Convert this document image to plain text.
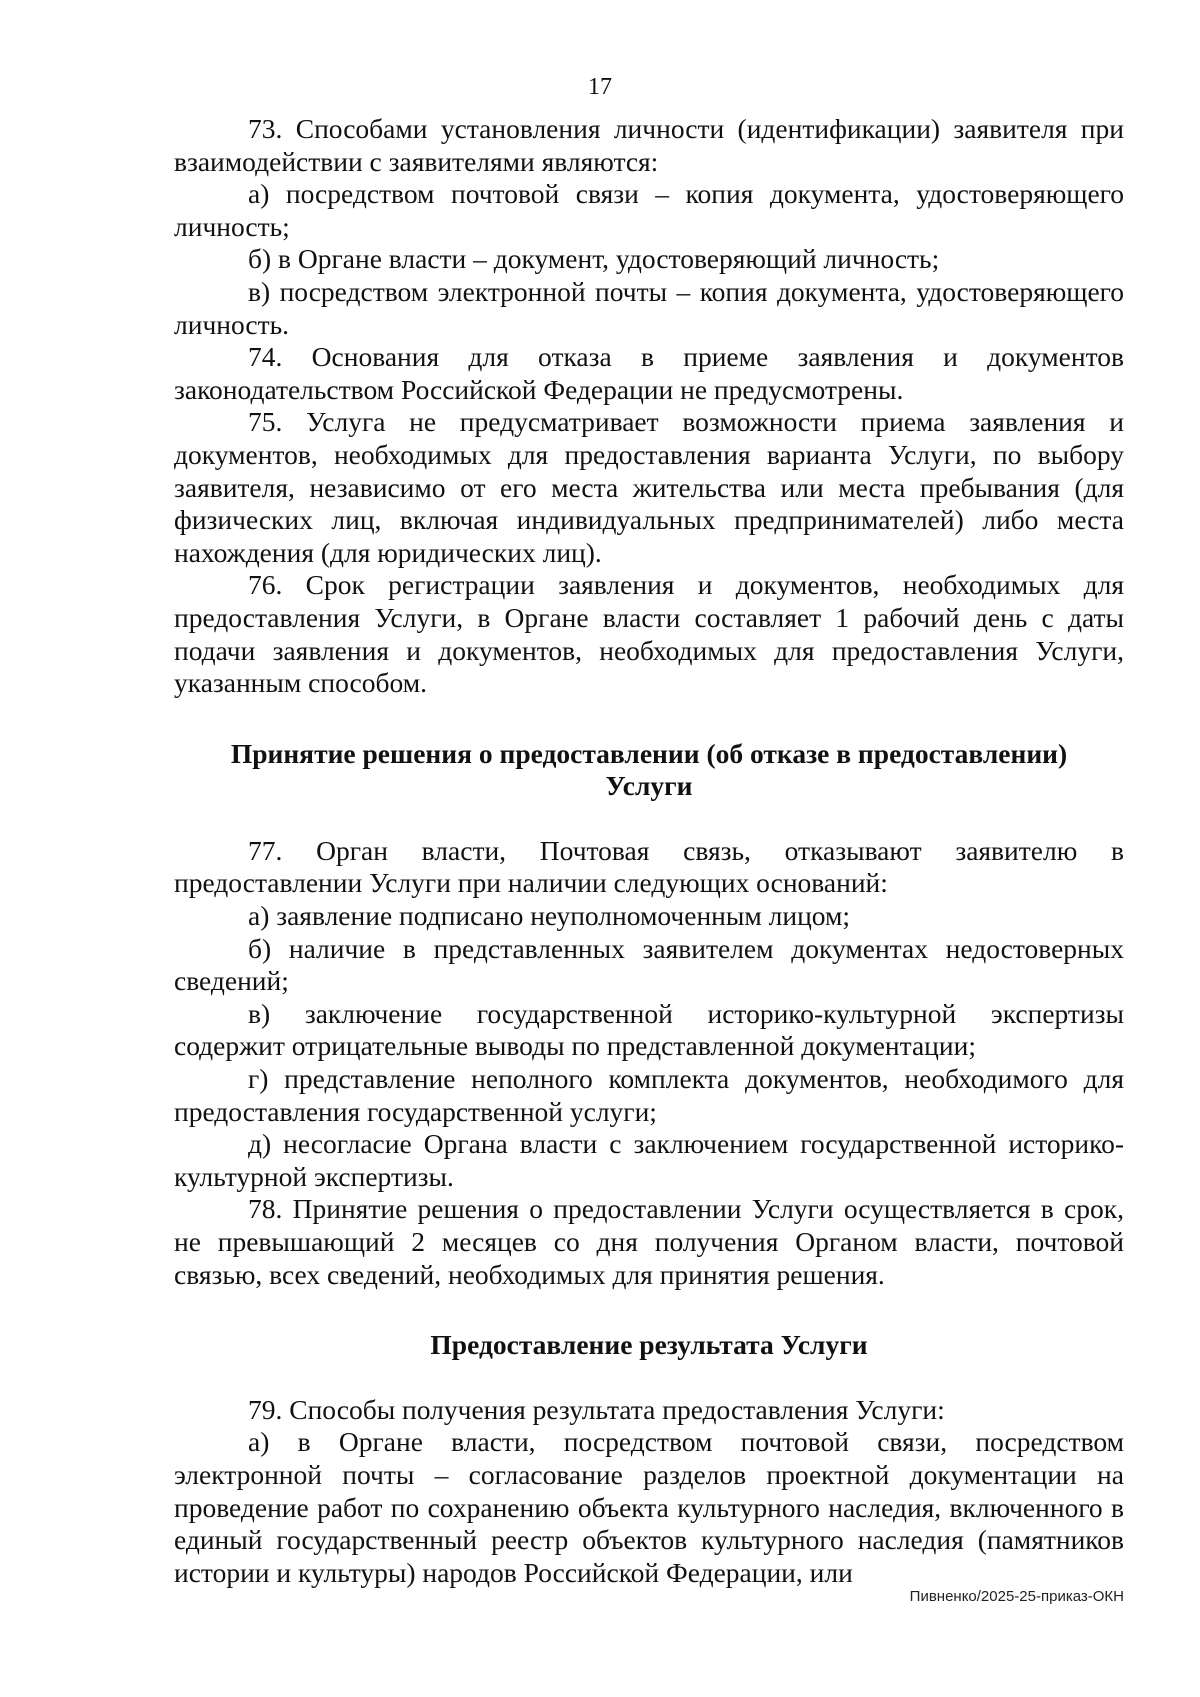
17

73. Способами установления личности (идентификации) заявителя при взаимодействии с заявителями являются:

а) посредством почтовой связи – копия документа, удостоверяющего личность;

б) в Органе власти – документ, удостоверяющий личность;

в) посредством электронной почты – копия документа, удостоверяющего личность.

74. Основания для отказа в приеме заявления и документов законодательством Российской Федерации не предусмотрены.

75. Услуга не предусматривает возможности приема заявления и документов, необходимых для предоставления варианта Услуги, по выбору заявителя, независимо от его места жительства или места пребывания (для физических лиц, включая индивидуальных предпринимателей) либо места нахождения (для юридических лиц).

76. Срок регистрации заявления и документов, необходимых для предоставления Услуги, в Органе власти составляет 1 рабочий день с даты подачи заявления и документов, необходимых для предоставления Услуги, указанным способом.

Принятие решения о предоставлении (об отказе в предоставлении)
Услуги

77. Орган власти, Почтовая связь, отказывают заявителю в предоставлении Услуги при наличии следующих оснований:

а) заявление подписано неуполномоченным лицом;

б) наличие в представленных заявителем документах недостоверных сведений;

в) заключение государственной историко-культурной экспертизы содержит отрицательные выводы по представленной документации;

г) представление неполного комплекта документов, необходимого для предоставления государственной услуги;

д) несогласие Органа власти с заключением государственной историко-культурной экспертизы.

78. Принятие решения о предоставлении Услуги осуществляется в срок, не превышающий 2 месяцев со дня получения Органом власти, почтовой связью, всех сведений, необходимых для принятия решения.

Предоставление результата Услуги

79. Способы получения результата предоставления Услуги:

а) в Органе власти, посредством почтовой связи, посредством электронной почты – согласование разделов проектной документации на проведение работ по сохранению объекта культурного наследия, включенного в единый государственный реестр объектов культурного наследия (памятников истории и культуры) народов Российской Федерации, или

Пивненко/2025-25-приказ-ОКН
